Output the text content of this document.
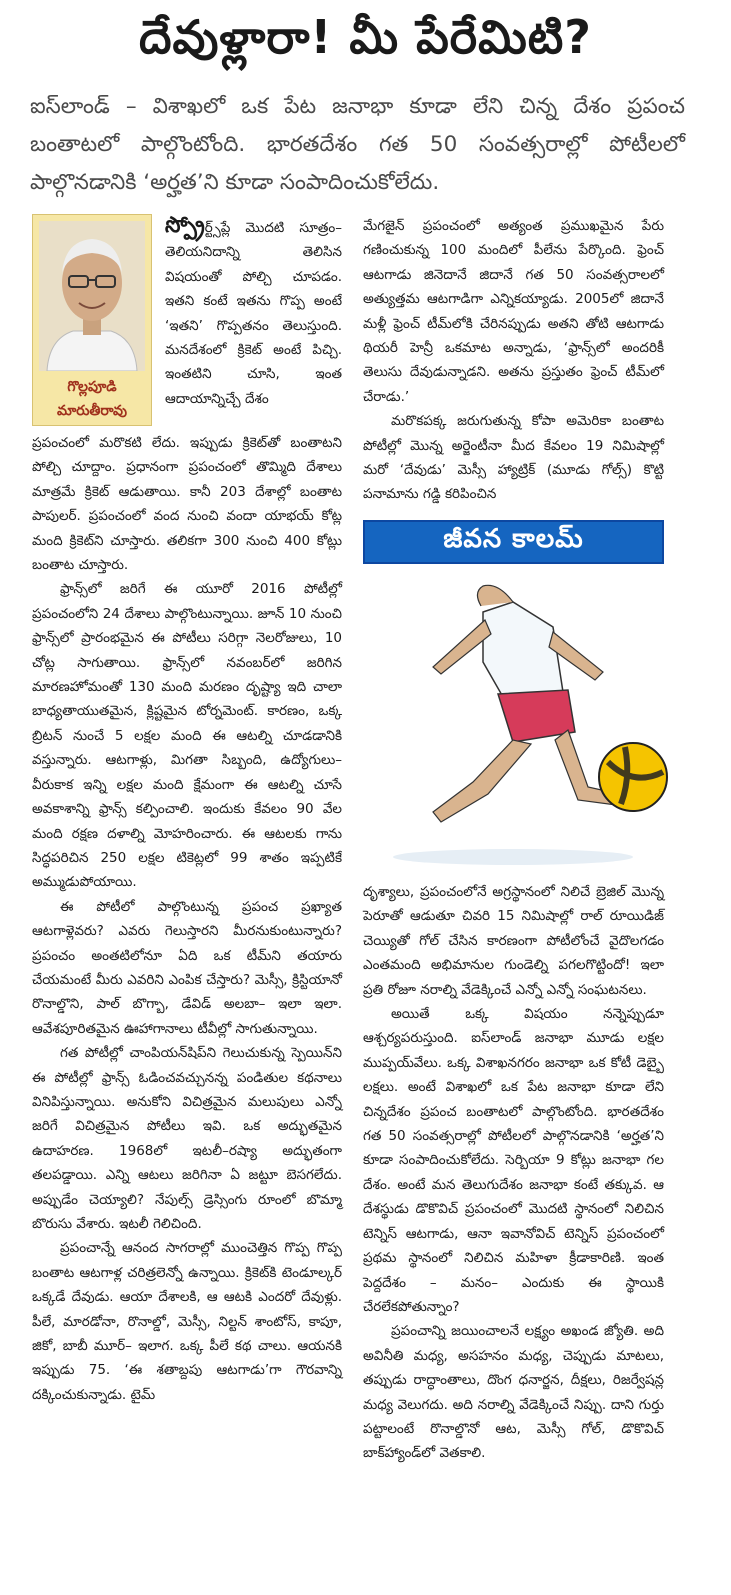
దేవుళ్లారా! మీ పేరేమిటి?

ఐస్‌లాండ్ – విశాఖలో ఒక పేట జనాభా కూడా లేని చిన్న దేశం ప్రపంచ బంతాటలో పాల్గొంటోంది. భారతదేశం గత 50 సంవత్సరాల్లో పోటీలలో పాల్గొనడానికి ‘అర్హత’ని కూడా సంపాదించుకోలేదు.

గొల్లపూడి
మారుతీరావు

స్ప్రోర్ట్స్‌ప్లే మొదటి సూత్రం– తెలియనిదాన్ని తెలిసిన విషయంతో పోల్చి చూపడం. ఇతని కంటే ఇతను గొప్ప అంటే ‘ఇతని’ గొప్పతనం తెలుస్తుంది. మనదేశంలో క్రికెట్ అంటే పిచ్చి. ఇంతటిని చూసి, ఇంత ఆదాయాన్నిచ్చే దేశం

ప్రపంచంలో మరొకటి లేదు. ఇప్పుడు క్రికెట్‌తో బంతాటని పోల్చి చూద్దాం. ప్రధానంగా ప్రపంచంలో తొమ్మిది దేశాలు మాత్రమే క్రికెట్ ఆడుతాయి. కానీ 203 దేశాల్లో బంతాట పాపులర్. ప్రపంచంలో వంద నుంచి వందా యాభయ్ కోట్ల మంది క్రికెట్‌ని చూస్తారు. తలికగా 300 నుంచి 400 కోట్లు బంతాట చూస్తారు.

ఫ్రాన్స్‌లో జరిగే ఈ యూరో 2016 పోటీల్లో ప్రపంచంలోని 24 దేశాలు పాల్గొంటున్నాయి. జూన్ 10 నుంచి ఫ్రాన్స్‌లో ప్రారంభమైన ఈ పోటీలు సరిగ్గా నెలరోజులు, 10 చోట్ల సాగుతాయి. ఫ్రాన్స్‌లో నవంబర్‌లో జరిగిన మారణహోమంతో 130 మంది మరణం దృష్ట్యా ఇది చాలా బాధ్యతాయుతమైన, క్లిష్టమైన టోర్నమెంట్. కారణం, ఒక్క బ్రిటన్ నుంచే 5 లక్షల మంది ఈ ఆటల్ని చూడడానికి వస్తున్నారు. ఆటగాళ్లు, మిగతా సిబ్బంది, ఉద్యోగులు– వీరుకాక ఇన్ని లక్షల మంది క్షేమంగా ఈ ఆటల్ని చూసే అవకాశాన్ని ఫ్రాన్స్ కల్పించాలి. ఇందుకు కేవలం 90 వేల మంది రక్షణ దళాల్ని మోహరించారు. ఈ ఆటలకు గాను సిద్ధపరిచిన 250 లక్షల టికెట్లలో 99 శాతం ఇప్పటికే అమ్ముడుపోయాయి.

ఈ పోటీలో పాల్గొంటున్న ప్రపంచ ప్రఖ్యాత ఆటగాళ్లెవరు? ఎవరు గెలుస్తారని మీరనుకుంటున్నారు? ప్రపంచం అంతటిలోనూ ఏది ఒక టీమ్‌ని తయారు చేయమంటే మీరు ఎవరిని ఎంపిక చేస్తారు? మెస్సీ, క్రిస్టియానో రొనాల్డొని, పాల్ బొగ్బా, డేవిడ్ అలబా– ఇలా ఇలా. ఆవేశపూరితమైన ఊహాగానాలు టీవీల్లో సాగుతున్నాయి.

గత పోటీల్లో చాంపియన్‌షిప్‌ని గెలుచుకున్న స్పెయిన్‌ని ఈ పోటీల్లో ఫ్రాన్స్ ఓడించవచ్చునన్న పండితుల కథనాలు వినిపిస్తున్నాయి. అనుకోని విచిత్రమైన మలుపులు ఎన్నో జరిగే విచిత్రమైన పోటీలు ఇవి. ఒక అద్భుతమైన ఉదాహరణ. 1968లో ఇటలీ–రష్యా అద్భుతంగా తలపడ్డాయి. ఎన్ని ఆటలు జరిగినా ఏ జట్టూ బెసగలేదు. అప్పుడేం చెయ్యాలి? నేపుల్స్ డ్రెస్సింగు రూంలో బొమ్మా బొరుసు వేశారు. ఇటలీ గెలిచింది.

ప్రపంచాన్నే ఆనంద సాగరాల్లో ముంచెత్తిన గొప్ప గొప్ప బంతాట ఆటగాళ్ల చరిత్రలెన్నో ఉన్నాయి. క్రికెట్‌కి టెండూల్కర్ ఒక్కడే దేవుడు. ఆయా దేశాలకి, ఆ ఆటకి ఎందరో దేవుళ్లు. పీలే, మారడోనా, రొనాల్డో, మెస్సీ, నిల్టన్ శాంటోస్, కాపూ, జికో, బాబీ మూర్– ఇలాగ. ఒక్క పీలే కథ చాలు. ఆయనకి ఇప్పుడు 75. ‘ఈ శతాబ్దపు ఆటగాడు’గా గౌరవాన్ని దక్కించుకున్నాడు. టైమ్

మేగజైన్ ప్రపంచంలో అత్యంత ప్రముఖమైన పేరు గణించుకున్న 100 మందిలో పీలేను పేర్కొంది. ఫ్రెంచ్ ఆటగాడు జినెదానే జిదానే గత 50 సంవత్సరాలలో అత్యుత్తమ ఆటగాడిగా ఎన్నికయ్యాడు. 2005లో జిదానే మళ్లీ ఫ్రెంచ్ టీమ్‌లోకి చేరినప్పుడు అతని తోటి ఆటగాడు థియరీ హెన్రీ ఒకమాట అన్నాడు, ‘ఫ్రాన్స్‌లో అందరికీ తెలుసు దేవుడున్నాడని. అతను ప్రస్తుతం ఫ్రెంచ్ టీమ్‌లో చేరాడు.’

మరొకపక్క జరుగుతున్న కోపా అమెరికా బంతాట పోటీల్లో మొన్న అర్జెంటీనా మీద కేవలం 19 నిమిషాల్లో మరో ‘దేవుడు’ మెస్సీ హ్యాట్రిక్ (మూడు గోల్స్) కొట్టి పనామాను గడ్డి కరిపించిన

జీవన కాలమ్

దృశ్యాలు, ప్రపంచంలోనే అగ్రస్థానంలో నిలిచే బ్రెజిల్ మొన్న పెరూతో ఆడుతూ చివరి 15 నిమిషాల్లో రాల్ రూయిడిజ్ చెయ్యితో గోల్ చేసిన కారణంగా పోటీలోంచే వైదొలగడం ఎంతమంది అభిమానుల గుండెల్ని పగలగొట్టిందో! ఇలా ప్రతి రోజూ నరాల్ని వేడెక్కించే ఎన్నో ఎన్నో సంఘటనలు.

అయితే ఒక్క విషయం నన్నెప్పుడూ ఆశ్చర్యపరుస్తుంది. ఐస్‌లాండ్ జనాభా మూడు లక్షల ముప్పయ్‌వేలు. ఒక్క విశాఖనగరం జనాభా ఒక కోటీ డెబ్బై లక్షలు. అంటే విశాఖలో ఒక పేట జనాభా కూడా లేని చిన్నదేశం ప్రపంచ బంతాటలో పాల్గొంటోంది. భారతదేశం గత 50 సంవత్సరాల్లో పోటీలలో పాల్గొనడానికి ‘అర్హత’ని కూడా సంపాదించుకోలేదు. సెర్బియా 9 కోట్లు జనాభా గల దేశం. అంటే మన తెలుగుదేశం జనాభా కంటే తక్కువ. ఆ దేశస్థుడు డొకొవిచ్ ప్రపంచంలో మొదటి స్థానంలో నిలిచిన టెన్నిస్ ఆటగాడు, ఆనా ఇవానోవిచ్ టెన్నిస్ ప్రపంచంలో ప్రథమ స్థానంలో నిలిచిన మహిళా క్రీడాకారిణి. ఇంత పెద్దదేశం – మనం– ఎందుకు ఈ స్థాయికి చేరలేకపోతున్నాం?

ప్రపంచాన్ని జయించాలనే లక్ష్యం అఖండ జ్యోతి. అది అవినీతి మధ్య, అసహనం మధ్య, చెప్పుడు మాటలు, తప్పుడు రాద్ధాంతాలు, దొంగ ధనార్జన, దీక్షలు, రిజర్వేషన్ల మధ్య వెలుగదు. అది నరాల్ని వేడెక్కించే నిప్పు. దాని గుర్తు పట్టాలంటే రొనాల్డొనో ఆట, మెస్సీ గోల్, డొకొవిచ్ బాక్‌హ్యాండ్‌లో వెతకాలి.
